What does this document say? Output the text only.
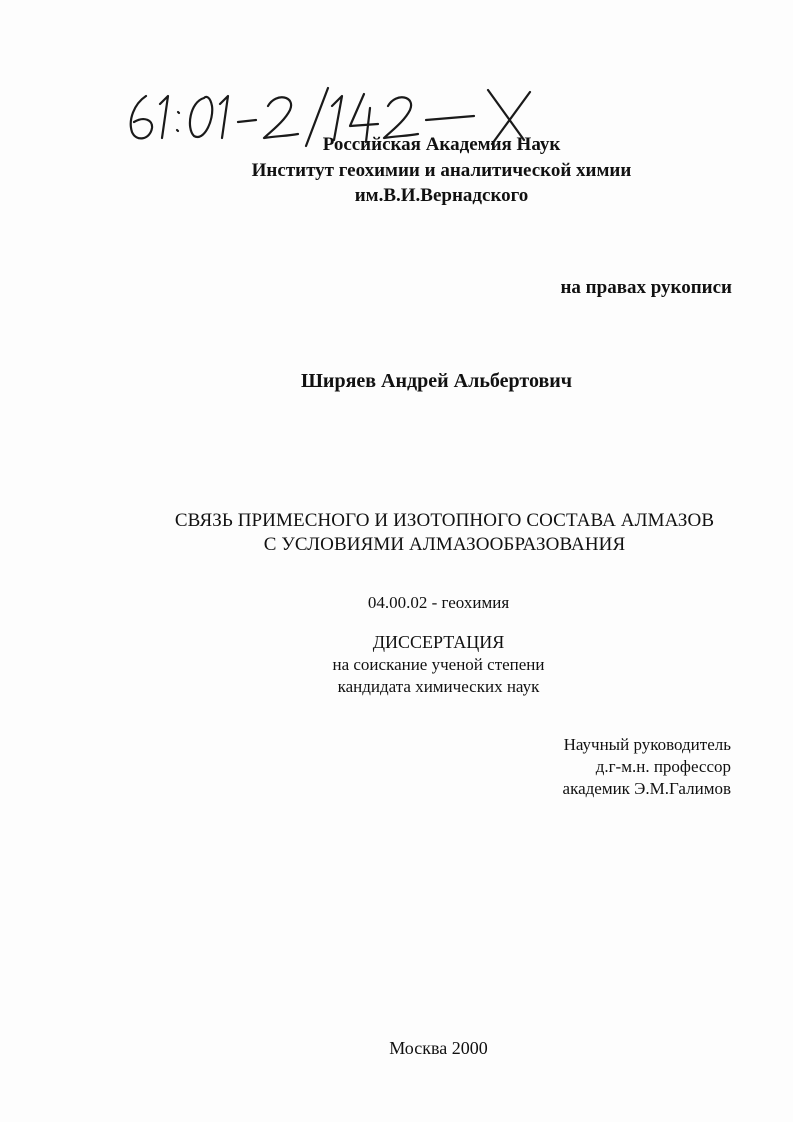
Российская Академия Наук
Институт геохимии и аналитической химии
им.В.И.Вернадского
на правах рукописи
Ширяев Андрей Альбертович
СВЯЗЬ ПРИМЕСНОГО И ИЗОТОПНОГО СОСТАВА АЛМАЗОВ
С УСЛОВИЯМИ АЛМАЗООБРАЗОВАНИЯ
04.00.02 - геохимия
ДИССЕРТАЦИЯ
на соискание ученой степени
кандидата химических наук
Научный руководитель
д.г-м.н. профессор
академик Э.М.Галимов
Москва 2000
